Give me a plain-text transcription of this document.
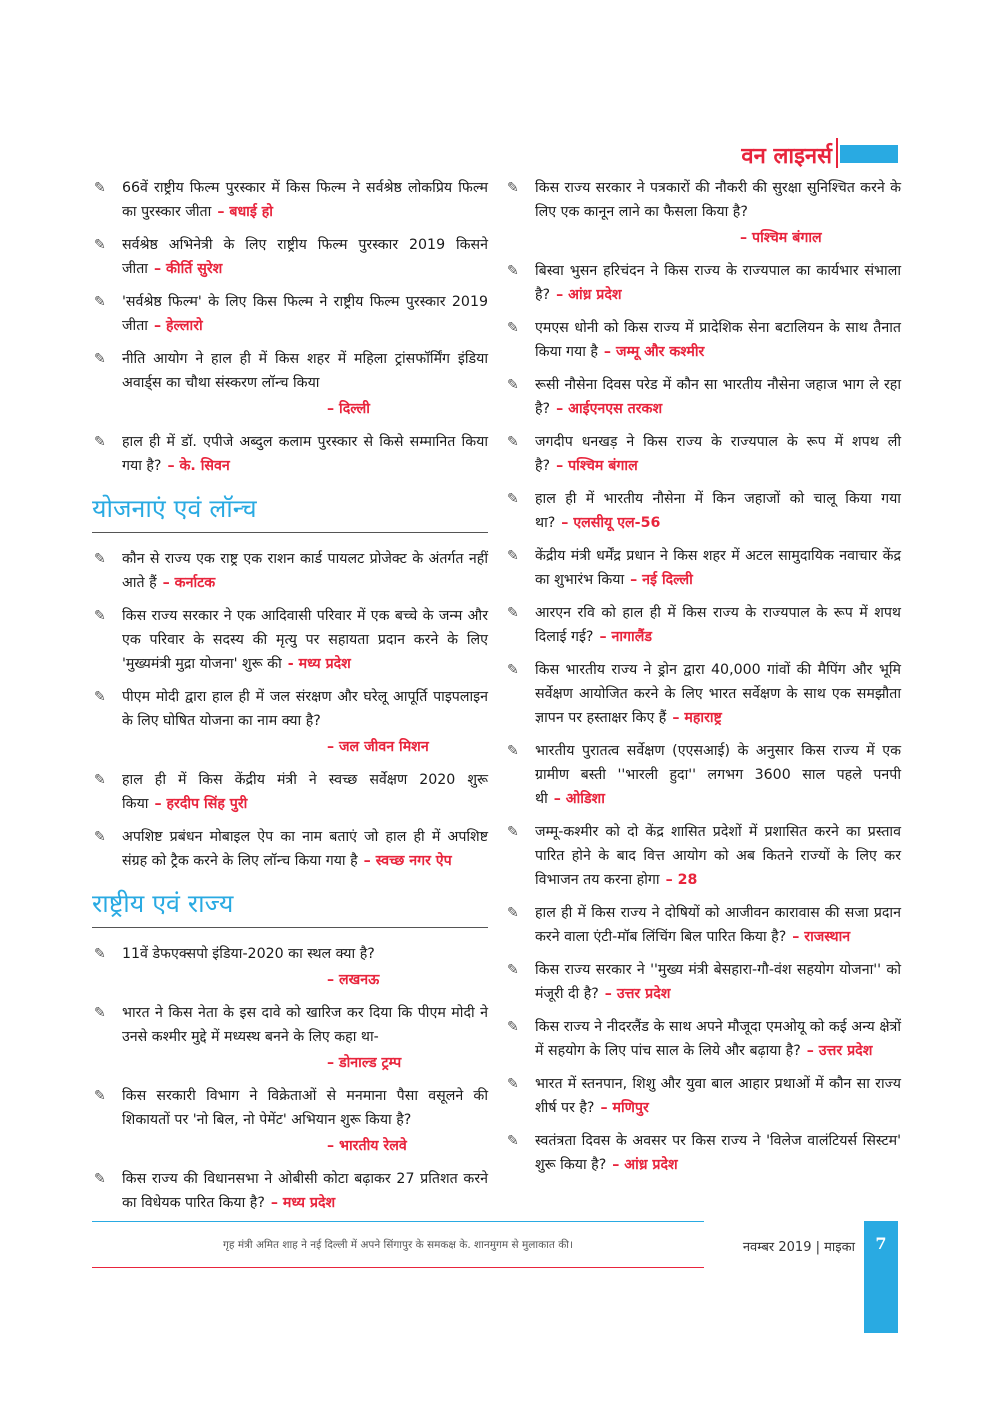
वन लाइनर्स
✎ 66वें राष्ट्रीय फिल्म पुरस्कार में किस फिल्म ने सर्वश्रेष्ठ लोकप्रिय फिल्म का पुरस्कार जीता – बधाई हो
✎ सर्वश्रेष्ठ अभिनेत्री के लिए राष्ट्रीय फिल्म पुरस्कार 2019 किसने जीता – कीर्ति सुरेश
✎ 'सर्वश्रेष्ठ फिल्म' के लिए किस फिल्म ने राष्ट्रीय फिल्म पुरस्कार 2019 जीता – हेल्लारो
✎ नीति आयोग ने हाल ही में किस शहर में महिला ट्रांसफॉर्मिंग इंडिया अवार्ड्स का चौथा संस्करण लॉन्च किया
– दिल्ली
✎ हाल ही में डॉ. एपीजे अब्दुल कलाम पुरस्कार से किसे सम्मानित किया गया है? – के. सिवन
योजनाएं एवं लॉन्च
✎ कौन से राज्य एक राष्ट्र एक राशन कार्ड पायलट प्रोजेक्ट के अंतर्गत नहीं आते हैं – कर्नाटक
✎ किस राज्य सरकार ने एक आदिवासी परिवार में एक बच्चे के जन्म और एक परिवार के सदस्य की मृत्यु पर सहायता प्रदान करने के लिए 'मुख्यमंत्री मुद्रा योजना' शुरू की - मध्य प्रदेश
✎ पीएम मोदी द्वारा हाल ही में जल संरक्षण और घरेलू आपूर्ति पाइपलाइन के लिए घोषित योजना का नाम क्या है?
– जल जीवन मिशन
✎ हाल ही में किस केंद्रीय मंत्री ने स्वच्छ सर्वेक्षण 2020 शुरू किया – हरदीप सिंह पुरी
✎ अपशिष्ट प्रबंधन मोबाइल ऐप का नाम बताएं जो हाल ही में अपशिष्ट संग्रह को ट्रैक करने के लिए लॉन्च किया गया है – स्वच्छ नगर ऐप
राष्ट्रीय एवं राज्य
✎ 11वें डेफएक्सपो इंडिया-2020 का स्थल क्या है?
– लखनऊ
✎ भारत ने किस नेता के इस दावे को खारिज कर दिया कि पीएम मोदी ने उनसे कश्मीर मुद्दे में मध्यस्थ बनने के लिए कहा था-
– डोनाल्ड ट्रम्प
✎ किस सरकारी विभाग ने विक्रेताओं से मनमाना पैसा वसूलने की शिकायतों पर 'नो बिल, नो पेमेंट' अभियान शुरू किया है?
– भारतीय रेलवे
✎ किस राज्य की विधानसभा ने ओबीसी कोटा बढ़ाकर 27 प्रतिशत करने का विधेयक पारित किया है? – मध्य प्रदेश
✎ किस राज्य सरकार ने पत्रकारों की नौकरी की सुरक्षा सुनिश्चित करने के लिए एक कानून लाने का फैसला किया है?
– पश्चिम बंगाल
✎ बिस्वा भुसन हरिचंदन ने किस राज्य के राज्यपाल का कार्यभार संभाला है? – आंध्र प्रदेश
✎ एमएस धोनी को किस राज्य में प्रादेशिक सेना बटालियन के साथ तैनात किया गया है – जम्मू और कश्मीर
✎ रूसी नौसेना दिवस परेड में कौन सा भारतीय नौसेना जहाज भाग ले रहा है? – आईएनएस तरकश
✎ जगदीप धनखड़ ने किस राज्य के राज्यपाल के रूप में शपथ ली है? – पश्चिम बंगाल
✎ हाल ही में भारतीय नौसेना में किन जहाजों को चालू किया गया था? – एलसीयू एल-56
✎ केंद्रीय मंत्री धर्मेंद्र प्रधान ने किस शहर में अटल सामुदायिक नवाचार केंद्र का शुभारंभ किया – नई दिल्ली
✎ आरएन रवि को हाल ही में किस राज्य के राज्यपाल के रूप में शपथ दिलाई गई? – नागालैंड
✎ किस भारतीय राज्य ने ड्रोन द्वारा 40,000 गांवों की मैपिंग और भूमि सर्वेक्षण आयोजित करने के लिए भारत सर्वेक्षण के साथ एक समझौता ज्ञापन पर हस्ताक्षर किए हैं – महाराष्ट्र
✎ भारतीय पुरातत्व सर्वेक्षण (एएसआई) के अनुसार किस राज्य में एक ग्रामीण बस्ती ''भारली हुदा'' लगभग 3600 साल पहले पनपी थी – ओडिशा
✎ जम्मू-कश्मीर को दो केंद्र शासित प्रदेशों में प्रशासित करने का प्रस्ताव पारित होने के बाद वित्त आयोग को अब कितने राज्यों के लिए कर विभाजन तय करना होगा – 28
✎ हाल ही में किस राज्य ने दोषियों को आजीवन कारावास की सजा प्रदान करने वाला एंटी-मॉब लिंचिंग बिल पारित किया है? – राजस्थान
✎ किस राज्य सरकार ने ''मुख्य मंत्री बेसहारा-गौ-वंश सहयोग योजना'' को मंजूरी दी है? – उत्तर प्रदेश
✎ किस राज्य ने नीदरलैंड के साथ अपने मौजूदा एमओयू को कई अन्य क्षेत्रों में सहयोग के लिए पांच साल के लिये और बढ़ाया है? – उत्तर प्रदेश
✎ भारत में स्तनपान, शिशु और युवा बाल आहार प्रथाओं में कौन सा राज्य शीर्ष पर है? – मणिपुर
✎ स्वतंत्रता दिवस के अवसर पर किस राज्य ने 'विलेज वालंटियर्स सिस्टम' शुरू किया है? – आंध्र प्रदेश
गृह मंत्री अमित शाह ने नई दिल्ली में अपने सिंगापुर के समकक्ष के. शानमुगम से मुलाकात की।	नवम्बर 2019 | माइका	7
